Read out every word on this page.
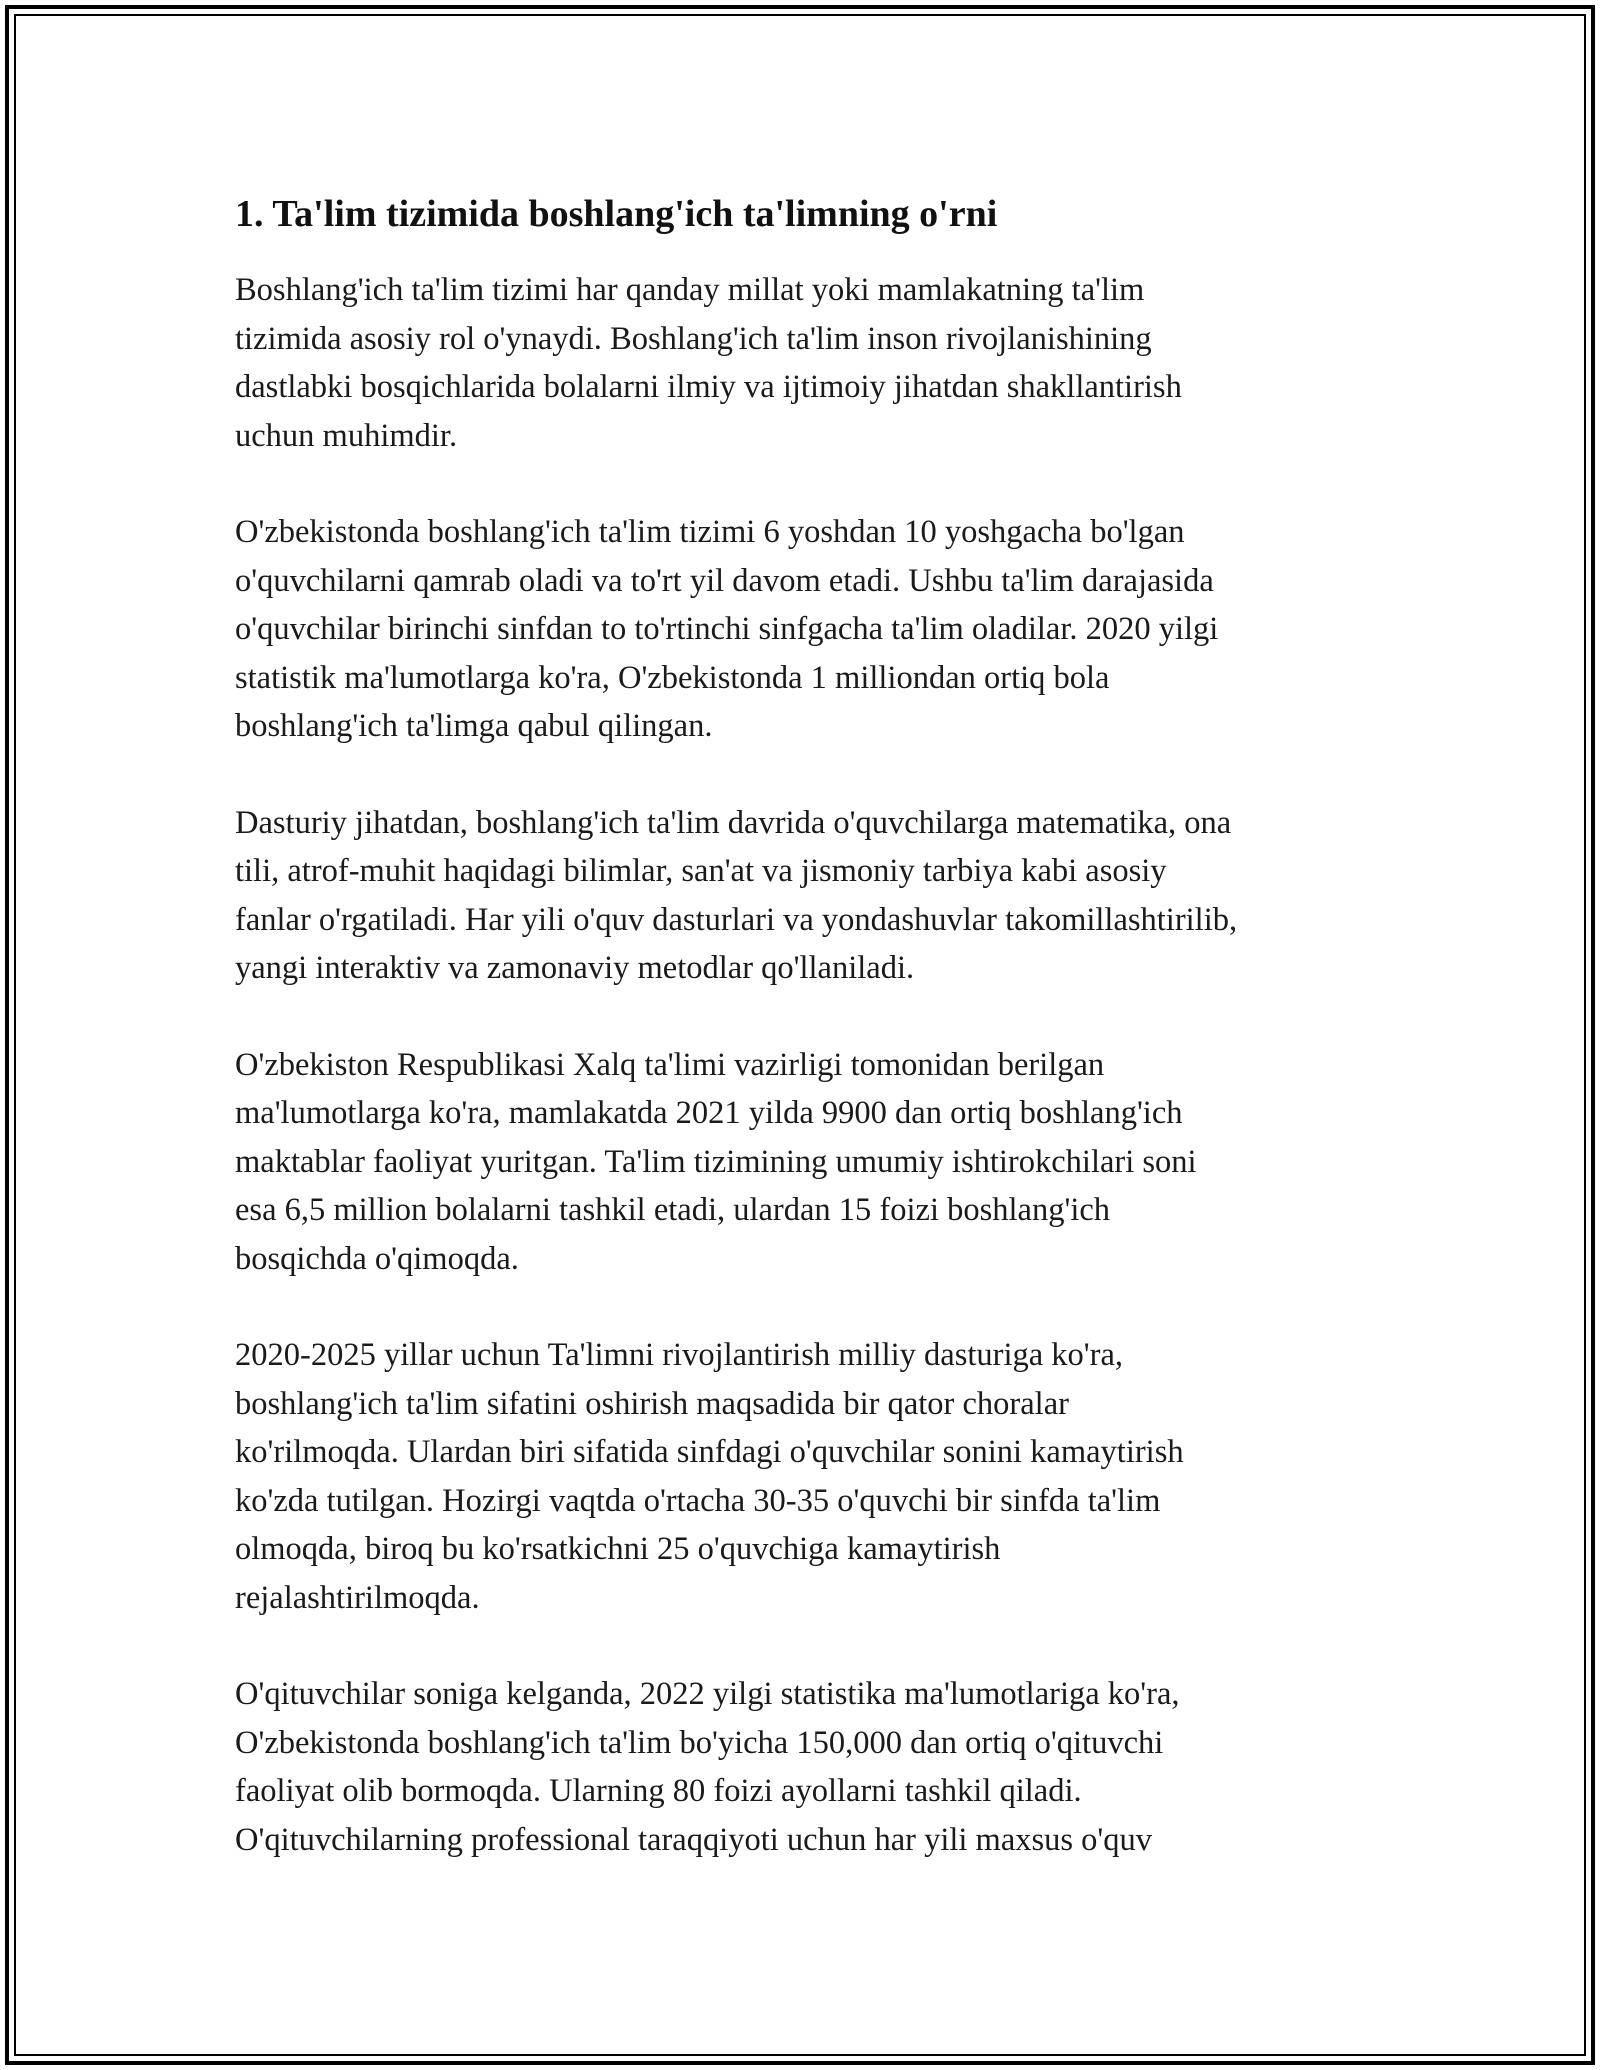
1. Ta'lim tizimida boshlang'ich ta'limning o'rni

Boshlang'ich ta'lim tizimi har qanday millat yoki mamlakatning ta'lim
tizimida asosiy rol o'ynaydi. Boshlang'ich ta'lim inson rivojlanishining
dastlabki bosqichlarida bolalarni ilmiy va ijtimoiy jihatdan shakllantirish
uchun muhimdir.

O'zbekistonda boshlang'ich ta'lim tizimi 6 yoshdan 10 yoshgacha bo'lgan
o'quvchilarni qamrab oladi va to'rt yil davom etadi. Ushbu ta'lim darajasida
o'quvchilar birinchi sinfdan to to'rtinchi sinfgacha ta'lim oladilar. 2020 yilgi
statistik ma'lumotlarga ko'ra, O'zbekistonda 1 milliondan ortiq bola
boshlang'ich ta'limga qabul qilingan.

Dasturiy jihatdan, boshlang'ich ta'lim davrida o'quvchilarga matematika, ona
tili, atrof-muhit haqidagi bilimlar, san'at va jismoniy tarbiya kabi asosiy
fanlar o'rgatiladi. Har yili o'quv dasturlari va yondashuvlar takomillashtirilib,
yangi interaktiv va zamonaviy metodlar qo'llaniladi.

O'zbekiston Respublikasi Xalq ta'limi vazirligi tomonidan berilgan
ma'lumotlarga ko'ra, mamlakatda 2021 yilda 9900 dan ortiq boshlang'ich
maktablar faoliyat yuritgan. Ta'lim tizimining umumiy ishtirokchilari soni
esa 6,5 million bolalarni tashkil etadi, ulardan 15 foizi boshlang'ich
bosqichda o'qimoqda.

2020-2025 yillar uchun Ta'limni rivojlantirish milliy dasturiga ko'ra,
boshlang'ich ta'lim sifatini oshirish maqsadida bir qator choralar
ko'rilmoqda. Ulardan biri sifatida sinfdagi o'quvchilar sonini kamaytirish
ko'zda tutilgan. Hozirgi vaqtda o'rtacha 30-35 o'quvchi bir sinfda ta'lim
olmoqda, biroq bu ko'rsatkichni 25 o'quvchiga kamaytirish
rejalashtirilmoqda.

O'qituvchilar soniga kelganda, 2022 yilgi statistika ma'lumotlariga ko'ra,
O'zbekistonda boshlang'ich ta'lim bo'yicha 150,000 dan ortiq o'qituvchi
faoliyat olib bormoqda. Ularning 80 foizi ayollarni tashkil qiladi.
O'qituvchilarning professional taraqqiyoti uchun har yili maxsus o'quv
